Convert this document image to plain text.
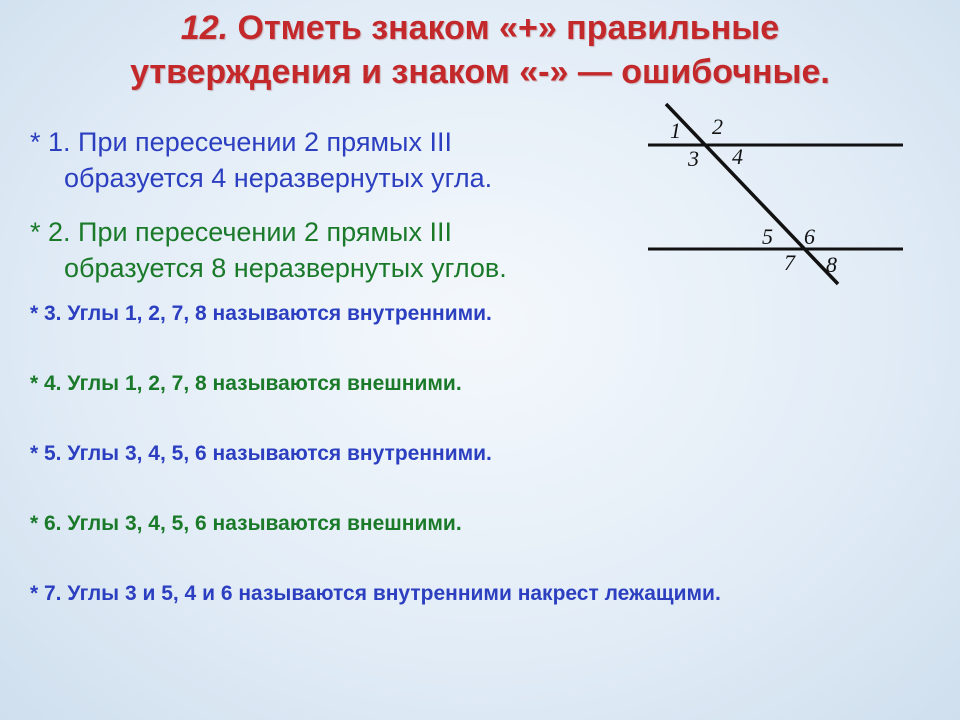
12. Отметь знаком «+» правильные
утверждения и знаком «-» — ошибочные.
* 1. При пересечении 2 прямых III
образуется 4 неразвернутых угла.
* 2. При пересечении 2 прямых III
образуется 8 неразвернутых углов.
* 3. Углы 1, 2, 7, 8 называются внутренними.
* 4. Углы 1, 2, 7, 8 называются внешними.
* 5. Углы 3, 4, 5, 6 называются внутренними.
* 6. Углы 3, 4, 5, 6 называются внешними.
* 7. Углы 3 и 5, 4 и 6 называются внутренними накрест лежащими.
1 2
3 4
5 6
7 8
